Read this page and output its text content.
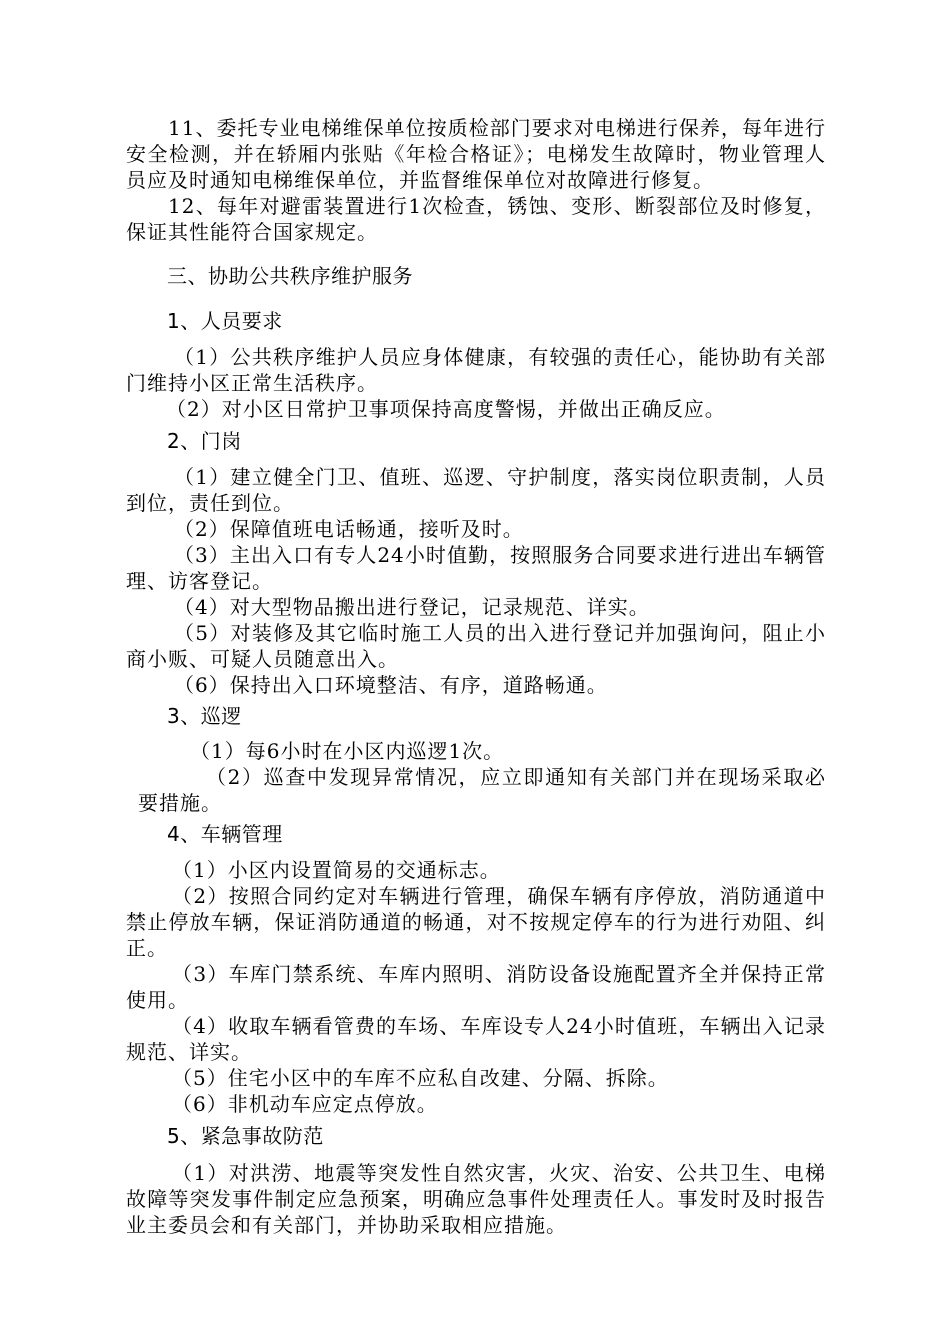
11、委托专业电梯维保单位按质检部门要求对电梯进行保养，每年进行安全检测，并在轿厢内张贴《年检合格证》；电梯发生故障时，物业管理人员应及时通知电梯维保单位，并监督维保单位对故障进行修复。

12、每年对避雷装置进行1次检查，锈蚀、变形、断裂部位及时修复，保证其性能符合国家规定。

三、协助公共秩序维护服务
1、人员要求

（1）公共秩序维护人员应身体健康，有较强的责任心，能协助有关部门维持小区正常生活秩序。

（2）对小区日常护卫事项保持高度警惕，并做出正确反应。

2、门岗

（1）建立健全门卫、值班、巡逻、守护制度，落实岗位职责制，人员到位，责任到位。

（2）保障值班电话畅通，接听及时。

（3）主出入口有专人24小时值勤，按照服务合同要求进行进出车辆管理、访客登记。

（4）对大型物品搬出进行登记，记录规范、详实。

（5）对装修及其它临时施工人员的出入进行登记并加强询问，阻止小商小贩、可疑人员随意出入。

（6）保持出入口环境整洁、有序，道路畅通。

3、巡逻

（1）每6小时在小区内巡逻1次。

（2）巡查中发现异常情况，应立即通知有关部门并在现场采取必要措施。

4、车辆管理

（1）小区内设置简易的交通标志。

（2）按照合同约定对车辆进行管理，确保车辆有序停放，消防通道中禁止停放车辆，保证消防通道的畅通，对不按规定停车的行为进行劝阻、纠正。

（3）车库门禁系统、车库内照明、消防设备设施配置齐全并保持正常使用。

（4）收取车辆看管费的车场、车库设专人24小时值班，车辆出入记录规范、详实。

（5）住宅小区中的车库不应私自改建、分隔、拆除。

（6）非机动车应定点停放。

5、紧急事故防范

（1）对洪涝、地震等突发性自然灾害，火灾、治安、公共卫生、电梯故障等突发事件制定应急预案，明确应急事件处理责任人。事发时及时报告业主委员会和有关部门，并协助采取相应措施。
